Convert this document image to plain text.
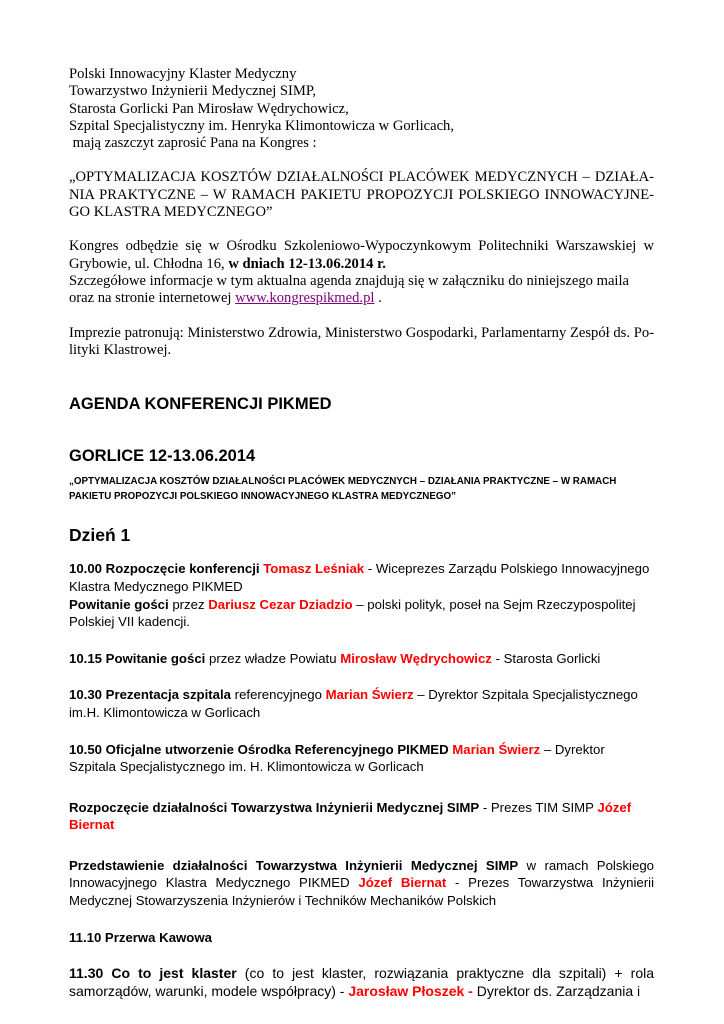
Polski Innowacyjny Klaster Medyczny

Towarzystwo Inżynierii Medycznej SIMP,

Starosta Gorlicki Pan Mirosław Wędrychowicz,

Szpital Specjalistyczny im. Henryka Klimontowicza w Gorlicach,

mają zaszczyt zaprosić Pana na Kongres :

„OPTYMALIZACJA KOSZTÓW DZIAŁALNOŚCI PLACÓWEK MEDYCZNYCH – DZIAŁA-NIA PRAKTYCZNE – W RAMACH PAKIETU PROPOZYCJI POLSKIEGO INNOWACYJNE-GO KLASTRA MEDYCZNEGO”

Kongres odbędzie się w Ośrodku Szkoleniowo-Wypoczynkowym Politechniki Warszawskiej w Grybowie, ul. Chłodna 16, w dniach 12-13.06.2014 r.

Szczegółowe informacje w tym aktualna agenda znajdują się w załączniku do niniejszego maila oraz na stronie internetowej www.kongrespikmed.pl .

Imprezie patronują: Ministerstwo Zdrowia, Ministerstwo Gospodarki, Parlamentarny Zespół ds. Po-lityki Klastrowej.

AGENDA KONFERENCJI PIKMED

GORLICE 12-13.06.2014

„OPTYMALIZACJA KOSZTÓW DZIAŁALNOŚCI PLACÓWEK MEDYCZNYCH – DZIAŁANIA PRAKTYCZNE – W RAMACH PAKIETU PROPOZYCJI POLSKIEGO INNOWACYJNEGO KLASTRA MEDYCZNEGO”

Dzień 1

10.00 Rozpoczęcie konferencji Tomasz Leśniak - Wiceprezes Zarządu Polskiego Innowacyjnego Klastra Medycznego PIKMED

Powitanie gości przez Dariusz Cezar Dziadzio – polski polityk, poseł na Sejm Rzeczypospolitej Polskiej VII kadencji.

10.15 Powitanie gości przez władze Powiatu Mirosław Wędrychowicz - Starosta Gorlicki

10.30 Prezentacja szpitala referencyjnego Marian Świerz – Dyrektor Szpitala Specjalistycznego im.H. Klimontowicza w Gorlicach

10.50 Oficjalne utworzenie Ośrodka Referencyjnego PIKMED Marian Świerz – Dyrektor Szpitala Specjalistycznego im. H. Klimontowicza w Gorlicach

Rozpoczęcie działalności Towarzystwa Inżynierii Medycznej SIMP - Prezes TIM SIMP Józef Biernat

Przedstawienie działalności Towarzystwa Inżynierii Medycznej SIMP w ramach Polskiego Innowacyjnego Klastra Medycznego PIKMED Józef Biernat - Prezes Towarzystwa Inżynierii Medycznej Stowarzyszenia Inżynierów i Techników Mechaników Polskich

11.10 Przerwa Kawowa

11.30 Co to jest klaster (co to jest klaster, rozwiązania praktyczne dla szpitali) + rola samorządów, warunki, modele współpracy) - Jarosław Płoszek - Dyrektor ds. Zarządzania i
